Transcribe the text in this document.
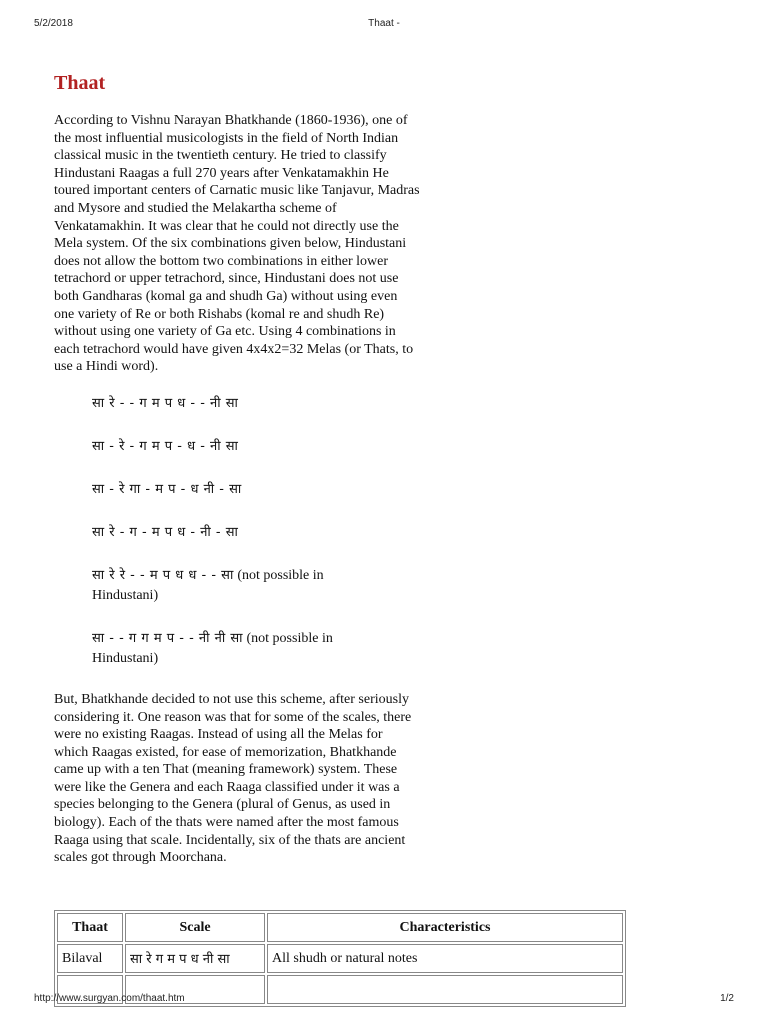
5/2/2018	Thaat -
Thaat

According to Vishnu Narayan Bhatkhande (1860-1936), one of the most influential musicologists in the field of North Indian classical music in the twentieth century. He tried to classify Hindustani Raagas a full 270 years after Venkatamakhin He toured important centers of Carnatic music like Tanjavur, Madras and Mysore and studied the Melakartha scheme of Venkatamakhin. It was clear that he could not directly use the Mela system. Of the six combinations given below, Hindustani does not allow the bottom two combinations in either lower tetrachord or upper tetrachord, since, Hindustani does not use both Gandharas (komal ga and shudh Ga) without using even one variety of Re or both Rishabs (komal re and shudh Re) without using one variety of Ga etc. Using 4 combinations in each tetrachord would have given 4x4x2=32 Melas (or Thats, to use a Hindi word).

सा रे - - ग म प ध - - नी सा
सा - रे - ग म प - ध - नी सा
सा - रे गा - म प - ध नी - सा
सा रे - ग - म प ध - नी - सा
सा रे रे - - म प ध ध - - सा (not possible in Hindustani)
सा - - ग ग म प - - नी नी सा (not possible in Hindustani)

But, Bhatkhande decided to not use this scheme, after seriously considering it. One reason was that for some of the scales, there were no existing Raagas. Instead of using all the Melas for which Raagas existed, for ease of memorization, Bhatkhande came up with a ten That (meaning framework) system. These were like the Genera and each Raaga classified under it was a species belonging to the Genera (plural of Genus, as used in biology). Each of the thats were named after the most famous Raaga using that scale. Incidentally, six of the thats are ancient scales got through Moorchana.

Thaat	Scale	Characteristics
Bilaval	सा रे ग म प ध नी सा	All shudh or natural notes

http://www.surgyan.com/thaat.htm	1/2
